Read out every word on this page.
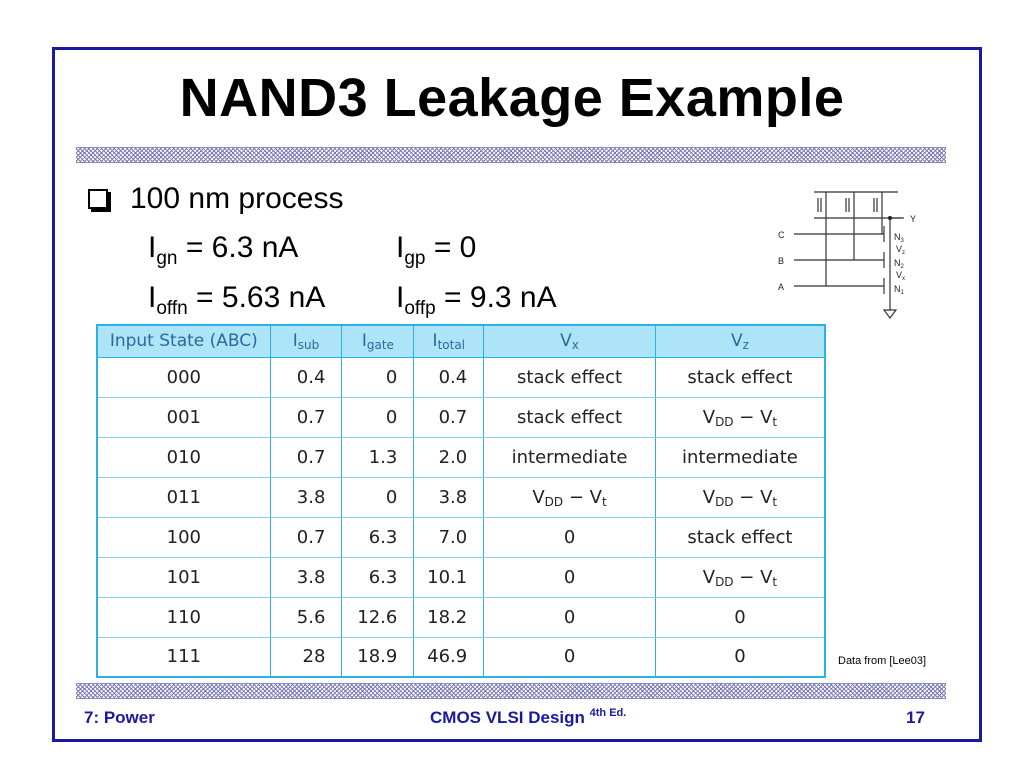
NAND3 Leakage Example
100 nm process
$I_{gn} = 6.3$ nA	$I_{gp} = 0$
$I_{offn} = 5.63$ nA $I_{offp} = 9.3$ nA
Y
C
B
A
$N_3$
$V_z$
$N_2$
$V_x$
$N_1$
Input State (ABC)	$I_{sub}$	$I_{gate}$	$I_{total}$	$V_x$	$V_z$
000	0.4	0	0.4	stack effect	stack effect
001	0.7	0	0.7	stack effect	$V_{DD} - V_t$
010	0.7	1.3	2.0	intermediate	intermediate
011	3.8	0	3.8	$V_{DD} - V_t$	$V_{DD} - V_t$
100	0.7	6.3	7.0	0	stack effect
101	3.8	6.3	10.1	0	$V_{DD} - V_t$
110	5.6	12.6	18.2	0	0
111	28	18.9	46.9	0	0	Data from [Lee03]
7: Power	CMOS VLSI Design $^{4th Ed.}$	17
